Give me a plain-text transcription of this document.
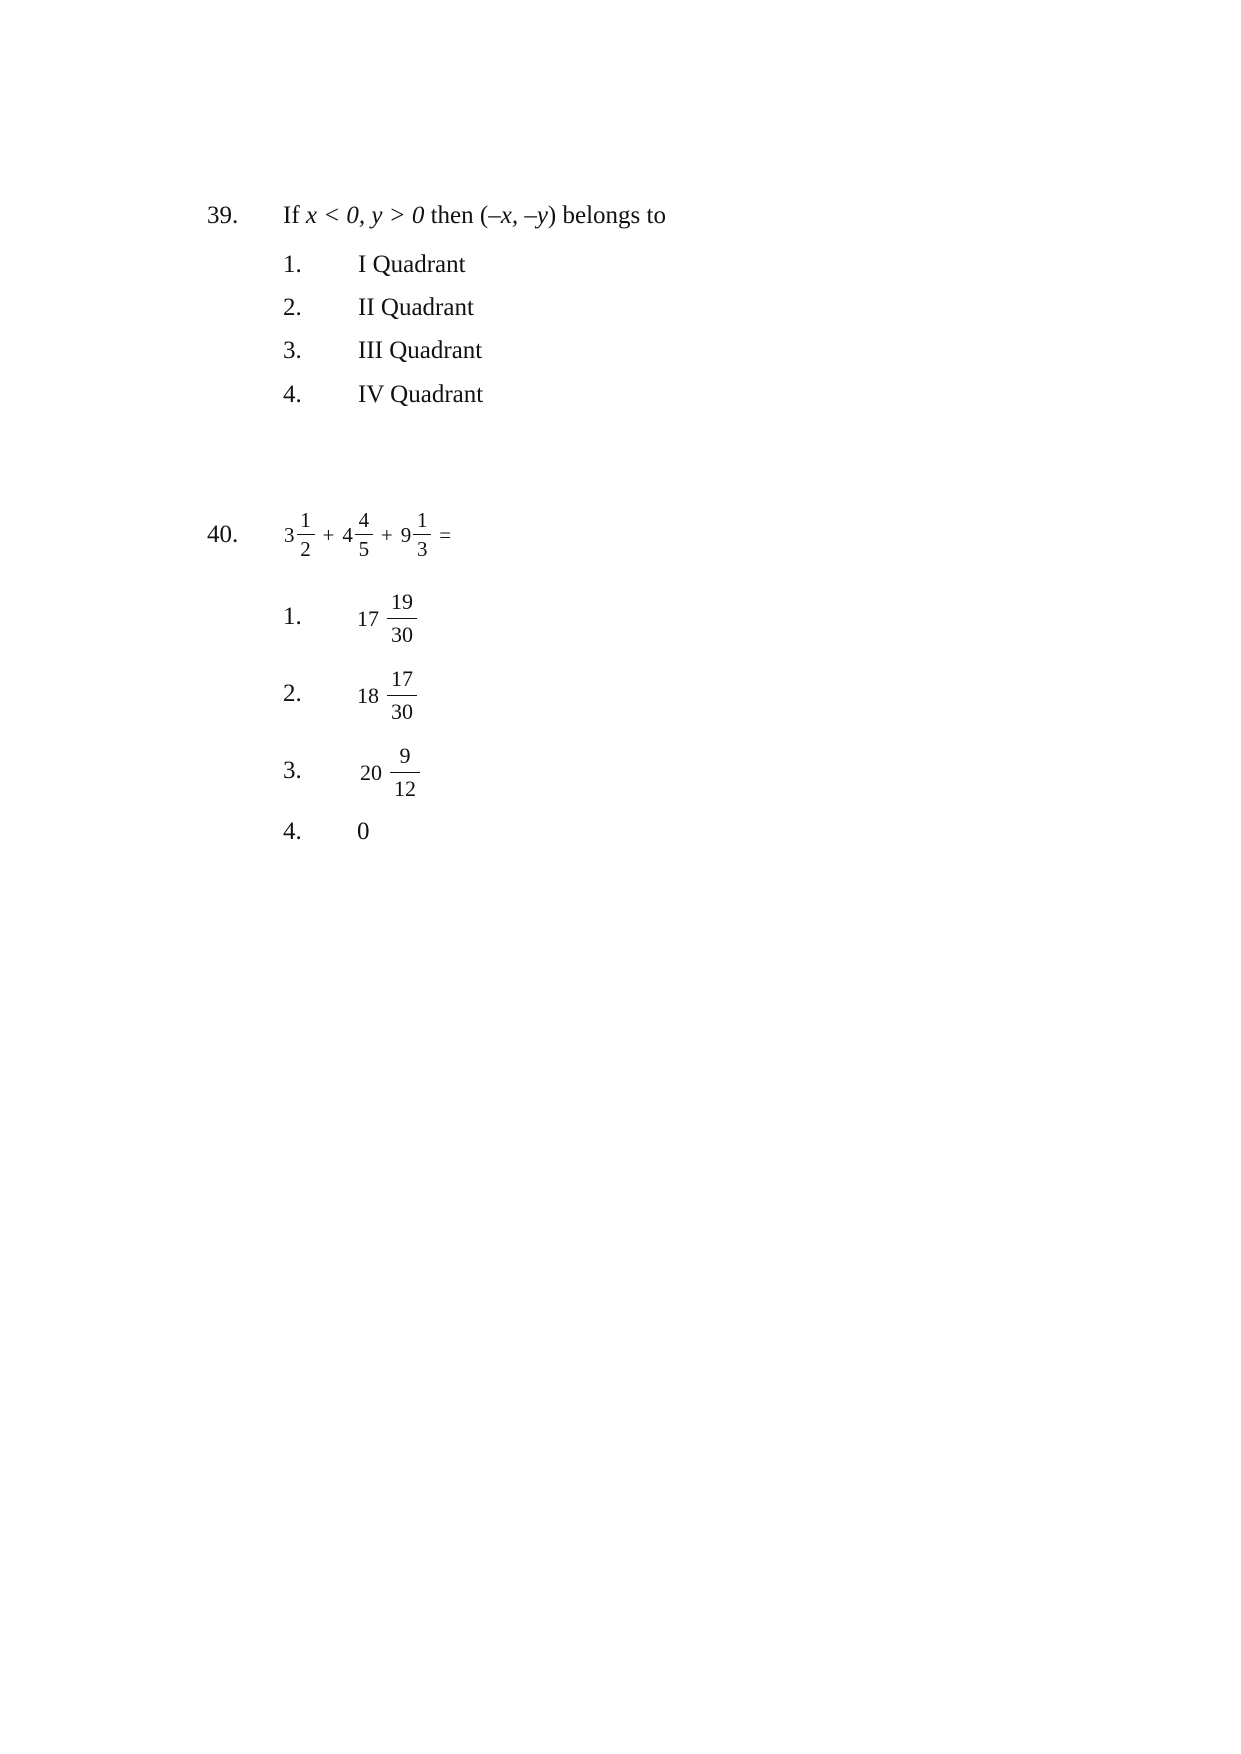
39. If x < 0, y > 0 then (–x, –y) belongs to
1. I Quadrant
2. II Quadrant
3. III Quadrant
4. IV Quadrant
40. $3 \frac{1}{2} + 4 \frac{4}{5} + 9 \frac{1}{3}$ =
1.	$17 \frac{19}{30}$
2.	$18 \frac{17}{30}$
3.	$20 \frac{9}{12}$
4. 0
